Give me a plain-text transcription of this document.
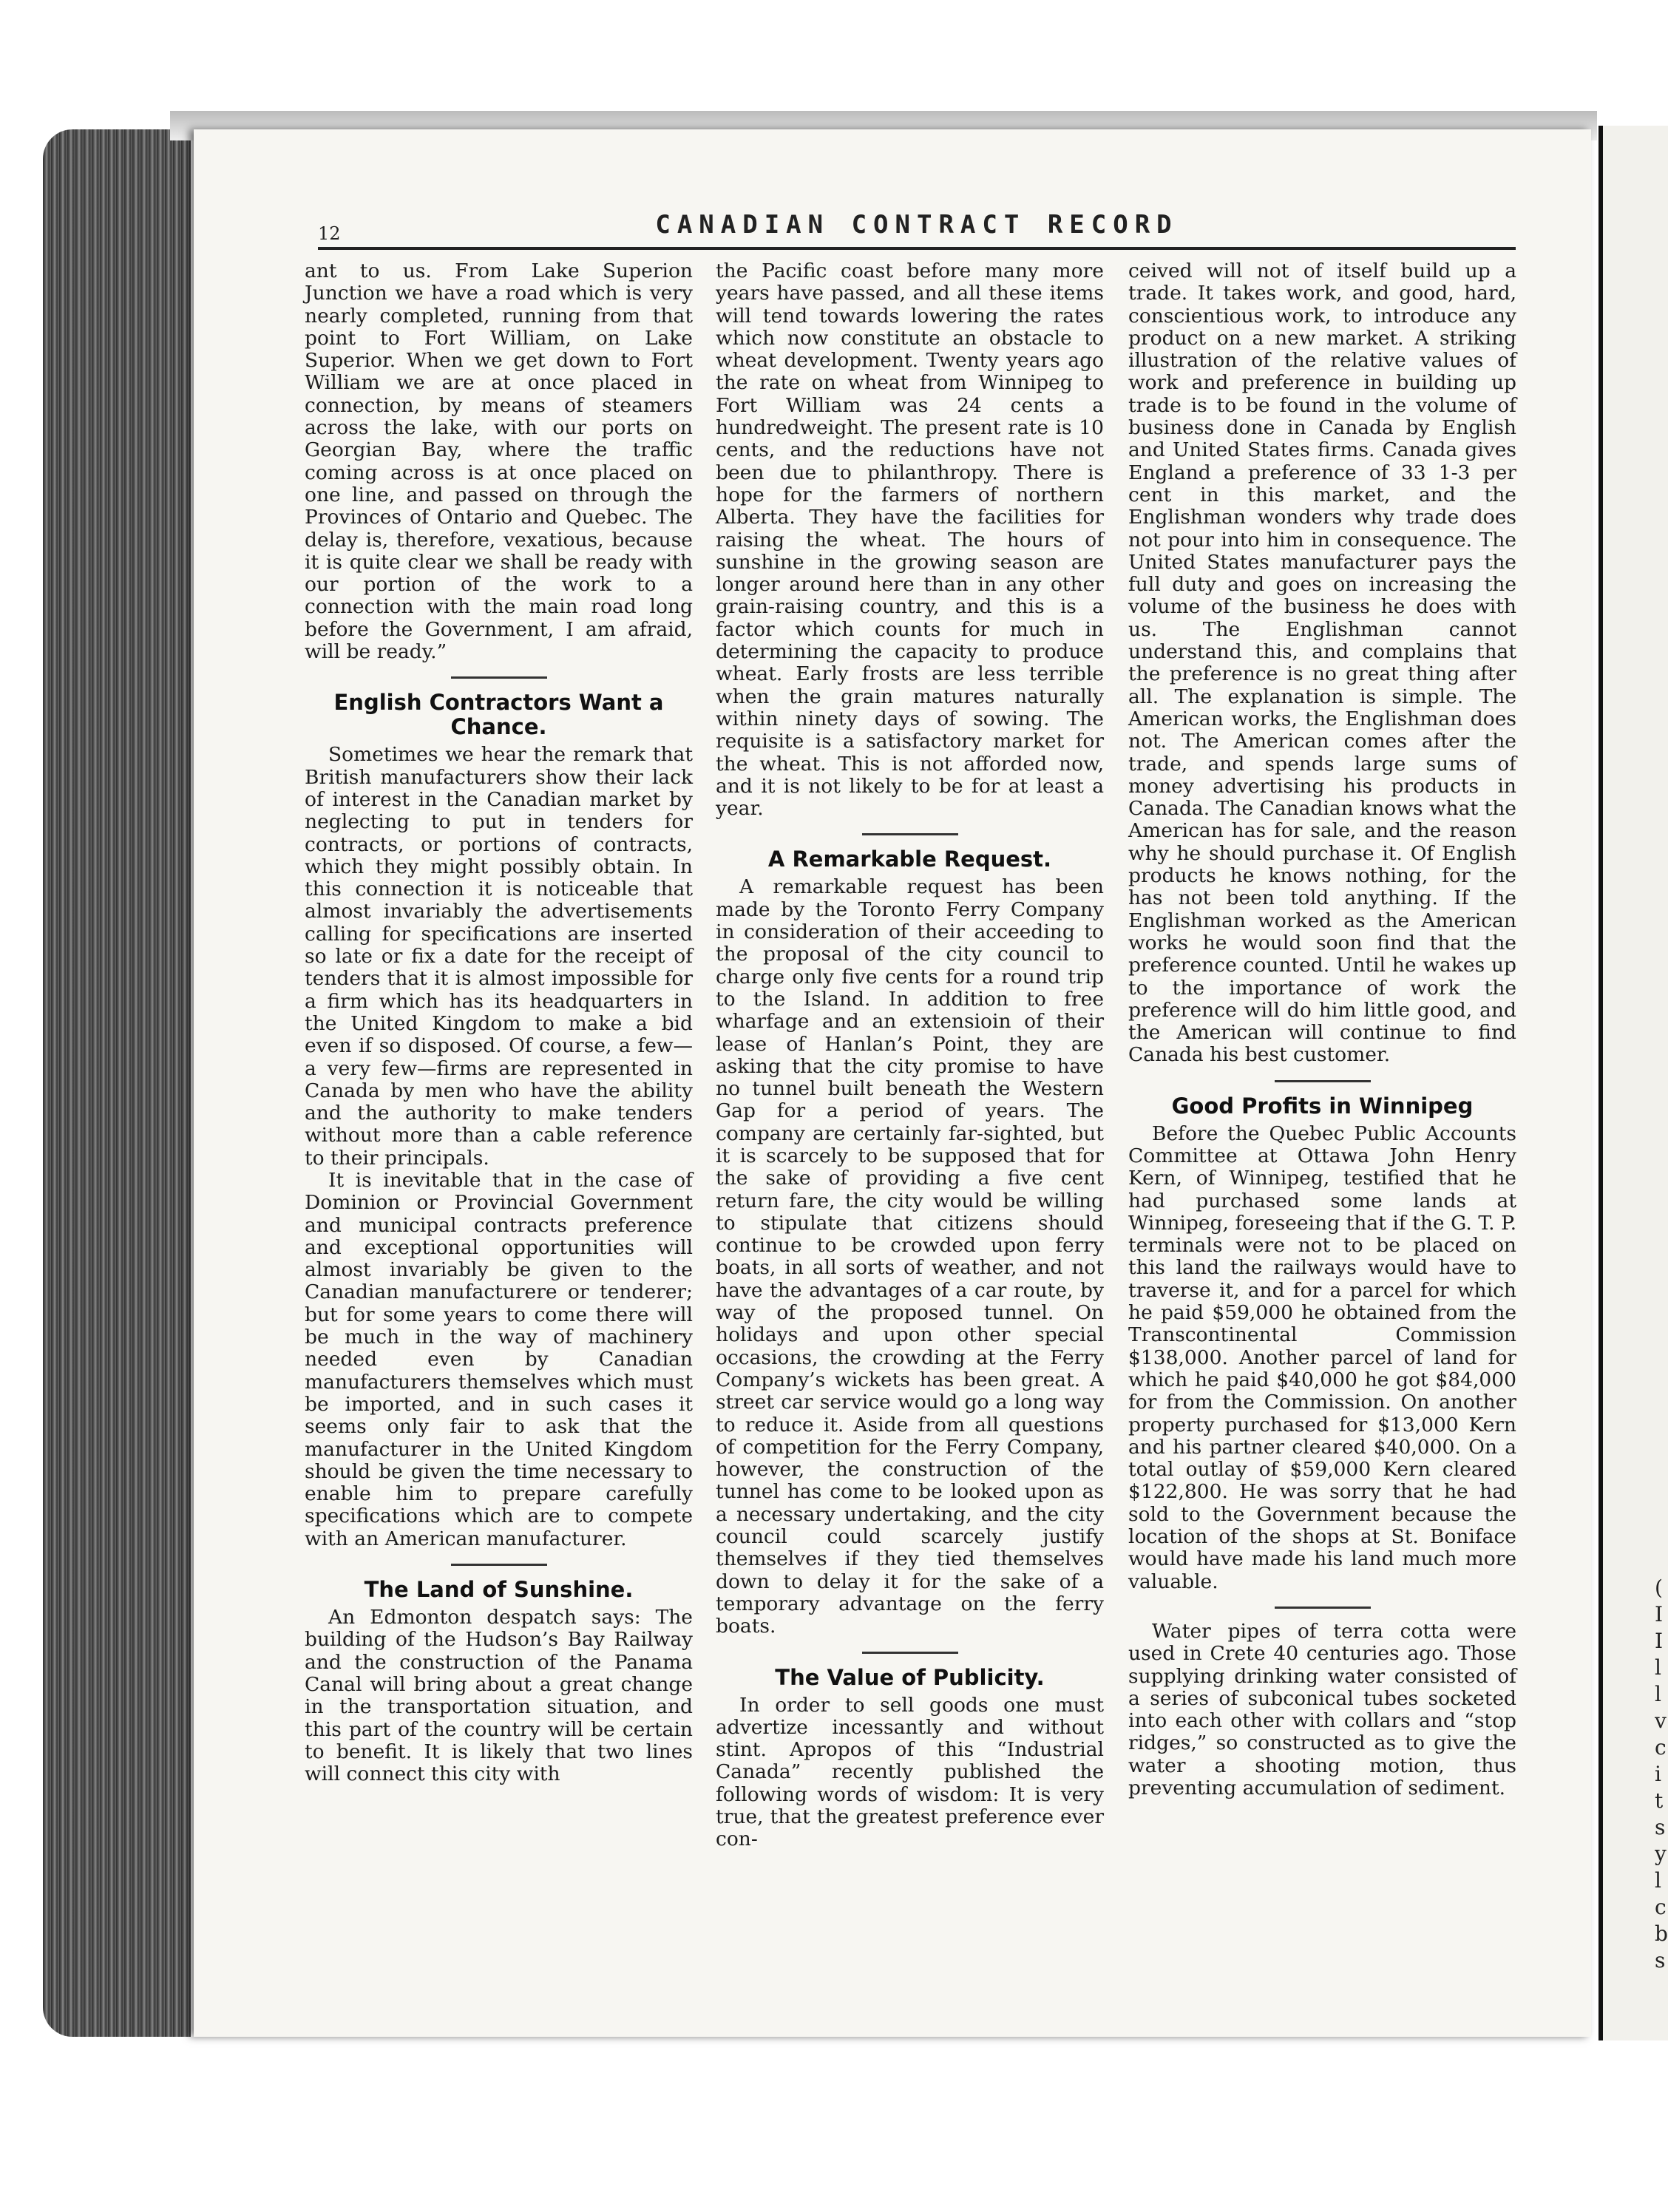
(
I
I
l
l
v
c
i
t
s
y
l
c
b
s
12	CANADIAN CONTRACT RECORD

ant to us. From Lake Superion Junction we have a road which is very nearly completed, running from that point to Fort William, on Lake Superior. When we get down to Fort William we are at once placed in connection, by means of steamers across the lake, with our ports on Georgian Bay, where the traffic coming across is at once placed on one line, and passed on through the Provinces of Ontario and Quebec. The delay is, therefore, vexatious, because it is quite clear we shall be ready with our portion of the work to a connection with the main road long before the Government, I am afraid, will be ready.”

English Contractors Want a Chance.

Sometimes we hear the remark that British manufacturers show their lack of interest in the Canadian market by neglecting to put in tenders for contracts, or portions of contracts, which they might possibly obtain. In this connection it is noticeable that almost invariably the advertisements calling for specifications are inserted so late or fix a date for the receipt of tenders that it is almost impossible for a firm which has its headquarters in the United Kingdom to make a bid even if so disposed. Of course, a few—a very few—firms are represented in Canada by men who have the ability and the authority to make tenders without more than a cable reference to their principals.

It is inevitable that in the case of Dominion or Provincial Government and municipal contracts preference and exceptional opportunities will almost invariably be given to the Canadian manufacturere or tenderer; but for some years to come there will be much in the way of machinery needed even by Canadian manufacturers themselves which must be imported, and in such cases it seems only fair to ask that the manufacturer in the United Kingdom should be given the time necessary to enable him to prepare carefully specifications which are to compete with an American manufacturer.

The Land of Sunshine.

An Edmonton despatch says: The building of the Hudson’s Bay Railway and the construction of the Panama Canal will bring about a great change in the transportation situation, and this part of the country will be certain to benefit. It is likely that two lines will connect this city with

the Pacific coast before many more years have passed, and all these items will tend towards lowering the rates which now constitute an obstacle to wheat development. Twenty years ago the rate on wheat from Winnipeg to Fort William was 24 cents a hundredweight. The present rate is 10 cents, and the reductions have not been due to philanthropy. There is hope for the farmers of northern Alberta. They have the facilities for raising the wheat. The hours of sunshine in the growing season are longer around here than in any other grain-raising country, and this is a factor which counts for much in determining the capacity to produce wheat. Early frosts are less terrible when the grain matures naturally within ninety days of sowing. The requisite is a satisfactory market for the wheat. This is not afforded now, and it is not likely to be for at least a year.

A Remarkable Request.

A remarkable request has been made by the Toronto Ferry Company in consideration of their acceeding to the proposal of the city council to charge only five cents for a round trip to the Island. In addition to free wharfage and an extensioin of their lease of Hanlan’s Point, they are asking that the city promise to have no tunnel built beneath the Western Gap for a period of years. The company are certainly far-sighted, but it is scarcely to be supposed that for the sake of providing a five cent return fare, the city would be willing to stipulate that citizens should continue to be crowded upon ferry boats, in all sorts of weather, and not have the advantages of a car route, by way of the proposed tunnel. On holidays and upon other special occasions, the crowding at the Ferry Company’s wickets has been great. A street car service would go a long way to reduce it. Aside from all questions of competition for the Ferry Company, however, the construction of the tunnel has come to be looked upon as a necessary undertaking, and the city council could scarcely justify themselves if they tied themselves down to delay it for the sake of a temporary advantage on the ferry boats.

The Value of Publicity.

In order to sell goods one must advertize incessantly and without stint. Apropos of this “Industrial Canada” recently published the following words of wisdom: It is very true, that the greatest preference ever con-

ceived will not of itself build up a trade. It takes work, and good, hard, conscientious work, to introduce any product on a new market. A striking illustration of the relative values of work and preference in building up trade is to be found in the volume of business done in Canada by English and United States firms. Canada gives England a preference of 33 1-3 per cent in this market, and the Englishman wonders why trade does not pour into him in consequence. The United States manufacturer pays the full duty and goes on increasing the volume of the business he does with us. The Englishman cannot understand this, and complains that the preference is no great thing after all. The explanation is simple. The American works, the Englishman does not. The American comes after the trade, and spends large sums of money advertising his products in Canada. The Canadian knows what the American has for sale, and the reason why he should purchase it. Of English products he knows nothing, for the has not been told anything. If the Englishman worked as the American works he would soon find that the preference counted. Until he wakes up to the importance of work the preference will do him little good, and the American will continue to find Canada his best customer.

Good Profits in Winnipeg

Before the Quebec Public Accounts Committee at Ottawa John Henry Kern, of Winnipeg, testified that he had purchased some lands at Winnipeg, foreseeing that if the G. T. P. terminals were not to be placed on this land the railways would have to traverse it, and for a parcel for which he paid $59,000 he obtained from the Transcontinental Commission $138,000. Another parcel of land for which he paid $40,000 he got $84,000 for from the Commission. On another property purchased for $13,000 Kern and his partner cleared $40,000. On a total outlay of $59,000 Kern cleared $122,800. He was sorry that he had sold to the Government because the location of the shops at St. Boniface would have made his land much more valuable.

Water pipes of terra cotta were used in Crete 40 centuries ago. Those supplying drinking water consisted of a series of subconical tubes socketed into each other with collars and “stop ridges,” so constructed as to give the water a shooting motion, thus preventing accumulation of sediment.
